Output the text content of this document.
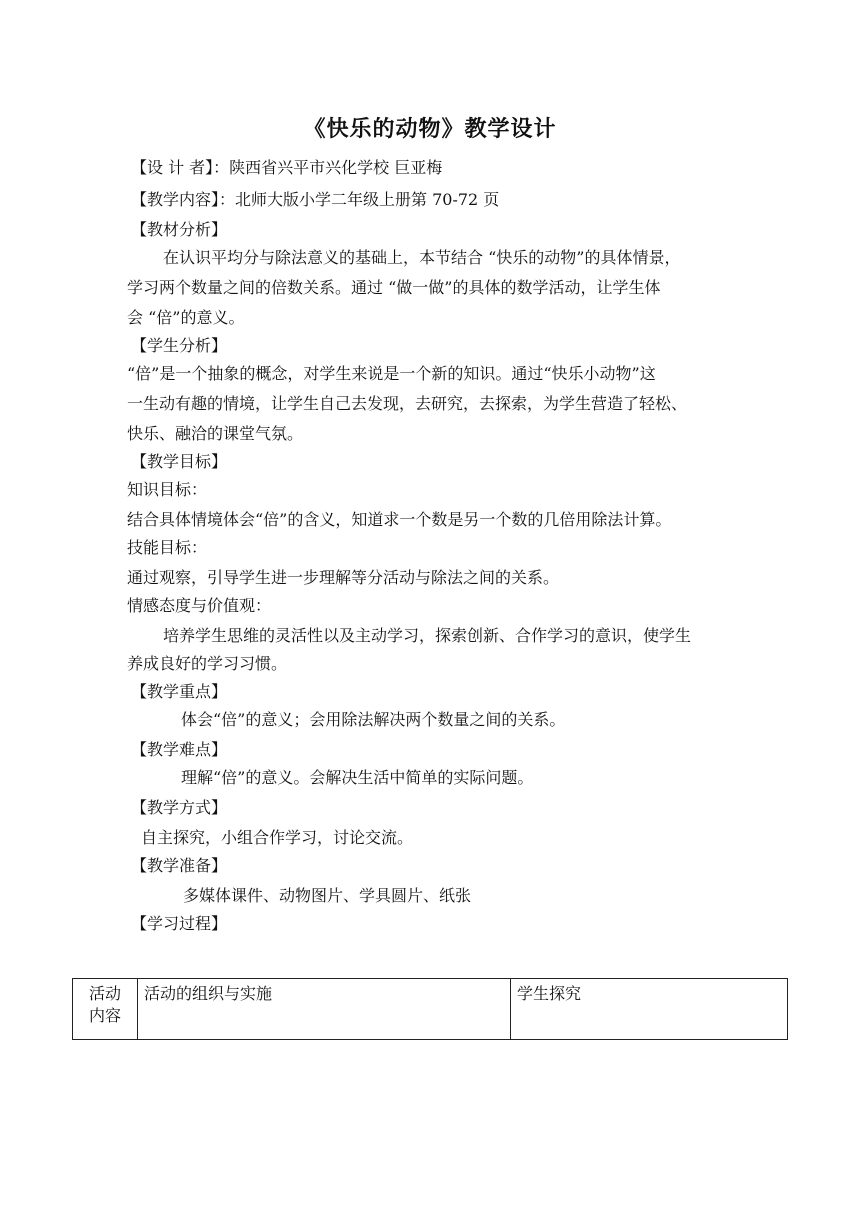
《快乐的动物》教学设计
【设 计 者】：陕西省兴平市兴化学校 巨亚梅
【教学内容】：北师大版小学二年级上册第 70-72 页
【教材分析】
在认识平均分与除法意义的基础上，本节结合 “快乐的动物”的具体情景，
学习两个数量之间的倍数关系。通过 “做一做”的具体的数学活动，让学生体
会 “倍”的意义。
【学生分析】
“倍”是一个抽象的概念，对学生来说是一个新的知识。通过“快乐小动物”这
一生动有趣的情境，让学生自己去发现，去研究，去探索，为学生营造了轻松、
快乐、融洽的课堂气氛。
【教学目标】
知识目标：
结合具体情境体会“倍”的含义，知道求一个数是另一个数的几倍用除法计算。
技能目标：
通过观察，引导学生进一步理解等分活动与除法之间的关系。
情感态度与价值观：
培养学生思维的灵活性以及主动学习，探索创新、合作学习的意识，使学生
养成良好的学习习惯。
【教学重点】
体会“倍”的意义；会用除法解决两个数量之间的关系。
【教学难点】
理解“倍”的意义。会解决生活中简单的实际问题。
【教学方式】
自主探究，小组合作学习，讨论交流。
【教学准备】
多媒体课件、动物图片、学具圆片、纸张
【学习过程】
活动
内容
	活动的组织与实施	学生探究
